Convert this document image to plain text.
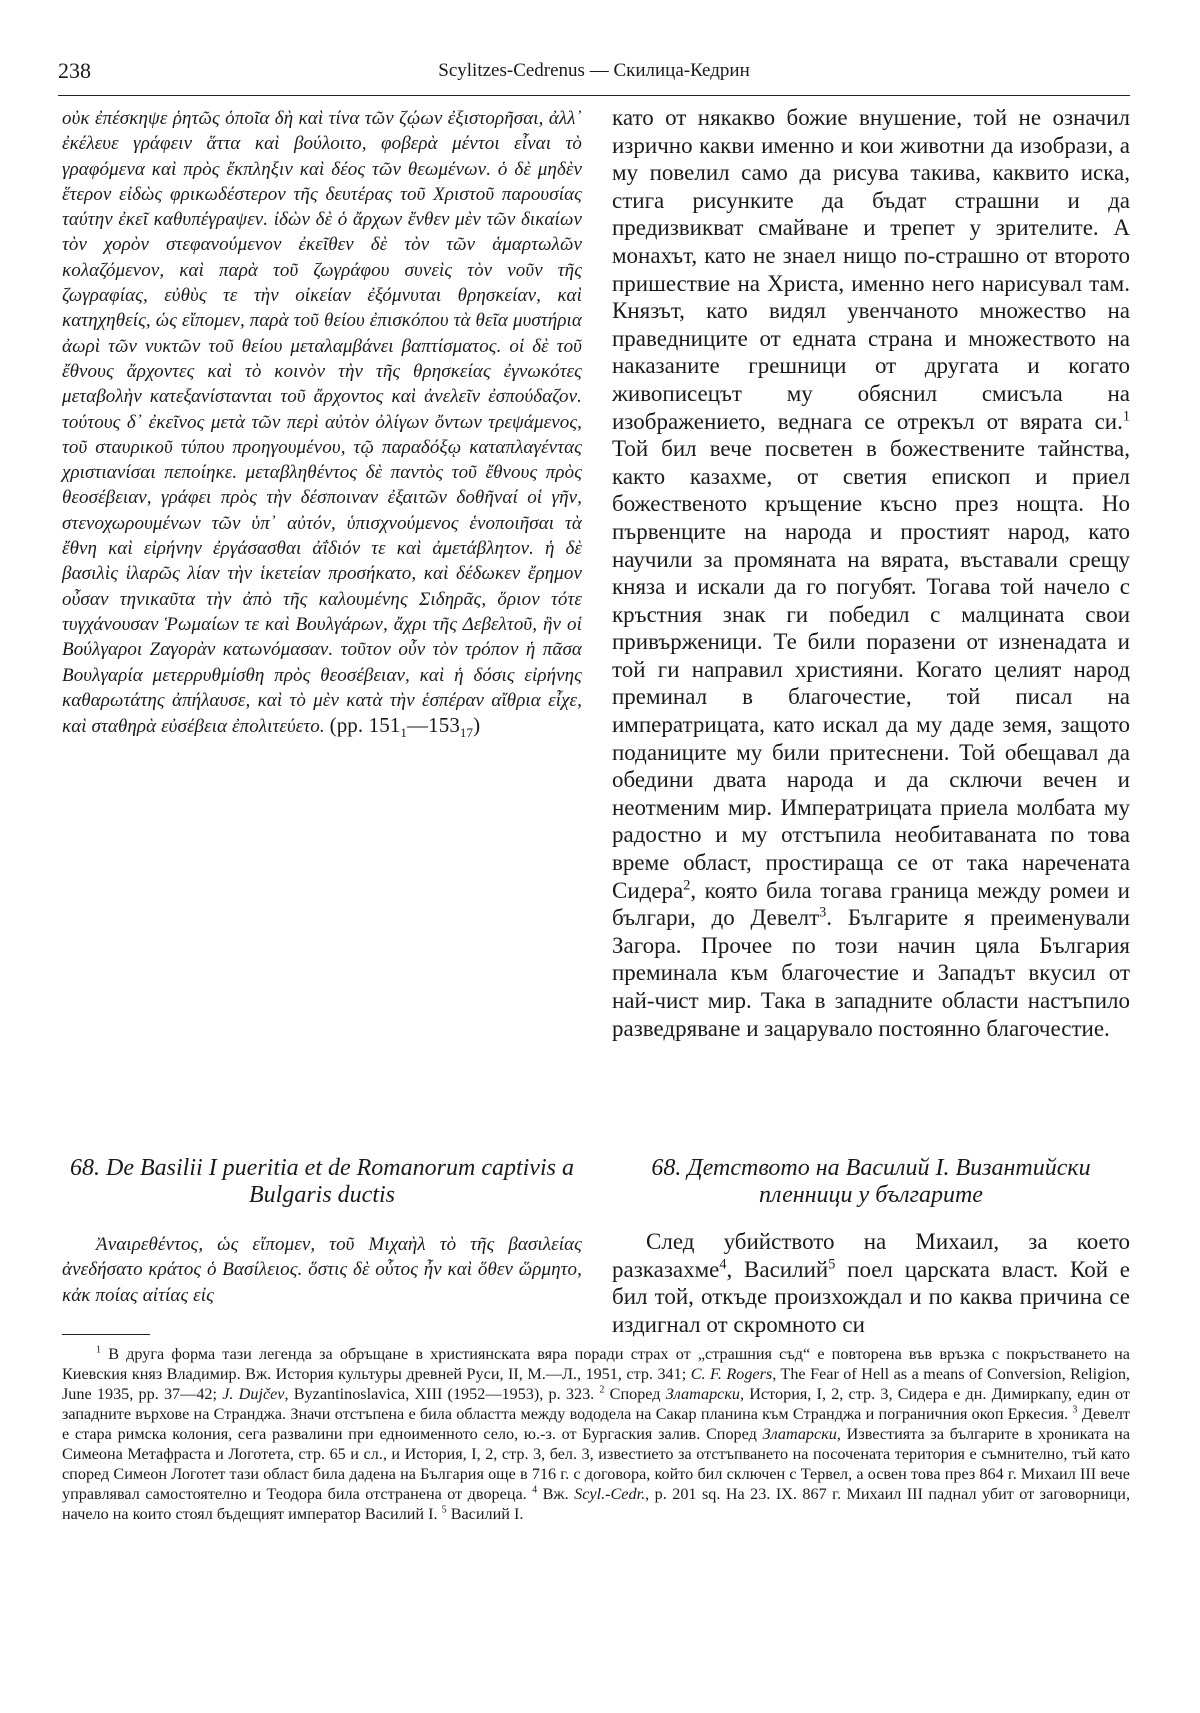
238	Scylitzes-Cedrenus — Скилица-Кедрин

οὐκ ἐπέσκηψε ῥητῶς ὁποῖα δὴ καὶ τίνα τῶν ζῴων ἐξιστορῆσαι, ἀλλ᾿ ἐκέλευε γράφειν ἅττα καὶ βούλοιτο, φοβερὰ μέντοι εἶναι τὸ γραφόμενα καὶ πρὸς ἔκπληξιν καὶ δέος τῶν θεωμένων. ὁ δὲ μηδὲν ἕτερον εἰδὼς φρικωδέστερον τῆς δευτέρας τοῦ Χριστοῦ παρουσίας ταύτην ἐκεῖ καθυπέγραψεν. ἰδὼν δὲ ὁ ἄρχων ἔνθεν μὲν τῶν δικαίων τὸν χορὸν στεφανούμενον ἐκεῖθεν δὲ τὸν τῶν ἁμαρτωλῶν κολαζόμενον, καὶ παρὰ τοῦ ζωγράφου συνεὶς τὸν νοῦν τῆς ζωγραφίας, εὐθὺς τε τὴν οἰκείαν ἐξόμνυται θρησκείαν, καὶ κατηχηθείς, ὡς εἴπομεν, παρὰ τοῦ θείου ἐπισκόπου τὰ θεῖα μυστήρια ἀωρὶ τῶν νυκτῶν τοῦ θείου μεταλαμβάνει βαπτίσματος. οἱ δὲ τοῦ ἔθνους ἄρχοντες καὶ τὸ κοινὸν τὴν τῆς θρησκείας ἐγνωκότες μεταβολὴν κατεξανίστανται τοῦ ἄρχοντος καὶ ἀνελεῖν ἐσπούδαζον. τούτους δ᾿ ἐκεῖνος μετὰ τῶν περὶ αὐτὸν ὀλίγων ὄντων τρεψάμενος, τοῦ σταυρικοῦ τύπου προηγουμένου, τῷ παραδόξῳ καταπλαγέντας χριστιανίσαι πεποίηκε. μεταβληθέντος δὲ παντὸς τοῦ ἔθνους πρὸς θεοσέβειαν, γράφει πρὸς τὴν δέσποιναν ἐξαιτῶν δοθῆναί οἱ γῆν, στενοχωρουμένων τῶν ὑπ᾿ αὐτόν, ὑπισχνούμενος ἑνοποιῆσαι τὰ ἔθνη καὶ εἰρήνην ἐργάσασθαι ἀΐδιόν τε καὶ ἀμετάβλητον. ἡ δὲ βασιλὶς ἱλαρῶς λίαν τὴν ἱκετείαν προσήκατο, καὶ δέδωκεν ἔρημον οὖσαν τηνικαῦτα τὴν ἀπὸ τῆς καλουμένης Σιδηρᾶς, ὅριον τότε τυγχάνουσαν Ῥωμαίων τε καὶ Βουλγάρων, ἄχρι τῆς Δεβελτοῦ, ἣν οἱ Βούλγαροι Ζαγορὰν κατωνόμασαν. τοῦτον οὖν τὸν τρόπον ἡ πᾶσα Βουλγαρία μετερρυθμίσθη πρὸς θεοσέβειαν, καὶ ἡ δόσις εἰρήνης καθαρωτάτης ἀπήλαυσε, καὶ τὸ μὲν κατὰ τὴν ἑσπέραν αἴθρια εἶχε, καὶ σταθηρὰ εὐσέβεια ἐπολιτεύετο. (pp. $151_1—153_{17}$)

като от някакво божие внушение, той не означил изрично какви именно и кои животни да изобрази, а му повелил само да рисува такива, каквито иска, стига рисунките да бъдат страшни и да предизвикват смайване и трепет у зрителите. А монахът, като не знаел нищо по-страшно от второто пришествие на Христа, именно него нарисувал там. Князът, като видял увенчаното множество на праведниците от едната страна и множеството на наказаните грешници от другата и когато живописецът му обяснил смисъла на изображението, веднага се отрекъл от вярата си.$^1$ Той бил вече посветен в божествените тайнства, както казахме, от светия епископ и приел божественото кръщение късно през нощта. Но първенците на народа и простият народ, като научили за промяната на вярата, въставали срещу княза и искали да го погубят. Тогава той начело с кръстния знак ги победил с малцината свои привърженици. Те били поразени от изненадата и той ги направил християни. Когато целият народ преминал в благочестие, той писал на императрицата, като искал да му даде земя, защото поданиците му били притеснени. Той обещавал да обедини двата народа и да сключи вечен и неотменим мир. Императрицата приела молбата му радостно и му отстъпила необитаваната по това време област, простираща се от така наречената Сидера$^2$, която била тогава граница между ромеи и българи, до Девелт$^3$. Българите я преименували Загора. Прочее по този начин цяла България преминала към благочестие и Западът вкусил от най-чист мир. Така в западните области настъпило разведряване и зацарувало постоянно благочестие.

68. De Basilii I pueritia et de Romanorum captivis a Bulgaris ductis

68. Детството на Василий I. Византийски пленници у българите

Ἀναιρεθέντος, ὡς εἴπομεν, τοῦ Μιχαὴλ τὸ τῆς βασιλείας ἀνεδήσατο κράτος ὁ Βασίλειος. ὅστις δὲ οὗτος ἦν καὶ ὅθεν ὥρμητο, κἀκ ποίας αἰτίας εἰς

След убийството на Михаил, за което разказахме$^4$, Василий$^5$ поел царската власт. Кой е бил той, откъде произхождал и по каква причина се издигнал от скромното си

$^1$ В друга форма тази легенда за обръщане в християнската вяра поради страх от „страшния съд“ е повторена във връзка с покръстването на Киевския княз Владимир. Вж. История культуры древней Руси, II, М.—Л., 1951, стр. 341; C. F. Rogers, The Fear of Hell as a means of Conversion, Religion, June 1935, pp. 37—42; J. Dujčev, Byzantinoslavica, XIII (1952—1953), p. 323. $^2$ Според Златарски, История, I, 2, стр. 3, Сидера е дн. Димиркапу, един от западните върхове на Странджа. Значи отстъпена е била областта между вододела на Сакар планина към Странджа и пограничния окоп Еркесия. $^3$ Девелт е стара римска колония, сега развалини при едноименното село, ю.-з. от Бургаския залив. Според Златарски, Известията за българите в хрониката на Симеона Метафраста и Логотета, стр. 65 и сл., и История, I, 2, стр. 3, бел. 3, известието за отстъпването на посочената територия е съмнително, тъй като според Симеон Логотет тази област била дадена на България още в 716 г. с договора, който бил сключен с Тервел, а освен това през 864 г. Михаил III вече управлявал самостоятелно и Теодора била отстранена от двореца. $^4$ Вж. Scyl.-Cedr., p. 201 sq. На 23. IX. 867 г. Михаил III паднал убит от заговорници, начело на които стоял бъдещият император Василий I. $^5$ Василий I.
